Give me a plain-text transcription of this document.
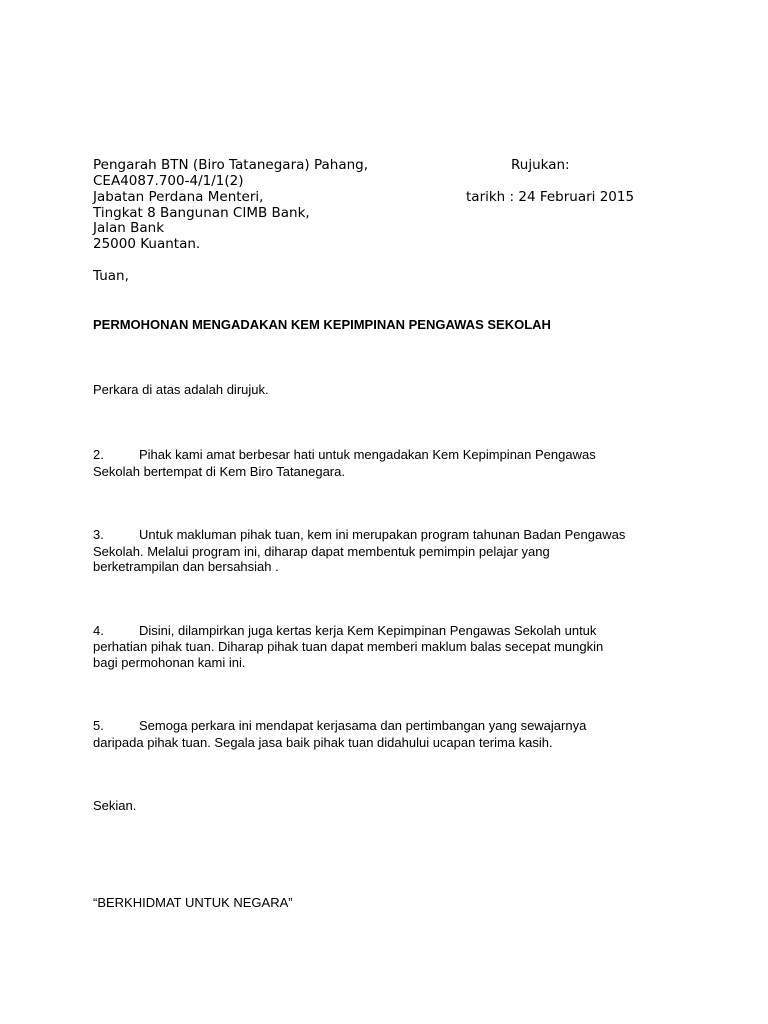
Pengarah BTN (Biro Tatanegara) Pahang,	Rujukan:
CEA4087.700-4/1/1(2)
Jabatan Perdana Menteri,	tarikh : 24 Februari 2015
Tingkat 8 Bangunan CIMB Bank,
Jalan Bank
25000 Kuantan.
Tuan,
PERMOHONAN MENGADAKAN KEM KEPIMPINAN PENGAWAS SEKOLAH
Perkara di atas adalah dirujuk.
2.	Pihak kami amat berbesar hati untuk mengadakan Kem Kepimpinan Pengawas
Sekolah bertempat di Kem Biro Tatanegara.
3.	Untuk makluman pihak tuan, kem ini merupakan program tahunan Badan Pengawas
Sekolah. Melalui program ini, diharap dapat membentuk pemimpin pelajar yang
berketrampilan dan bersahsiah .
4.	Disini, dilampirkan juga kertas kerja Kem Kepimpinan Pengawas Sekolah untuk
perhatian pihak tuan. Diharap pihak tuan dapat memberi maklum balas secepat mungkin
bagi permohonan kami ini.
5.	Semoga perkara ini mendapat kerjasama dan pertimbangan yang sewajarnya
daripada pihak tuan. Segala jasa baik pihak tuan didahului ucapan terima kasih.
Sekian.
“BERKHIDMAT UNTUK NEGARA”
